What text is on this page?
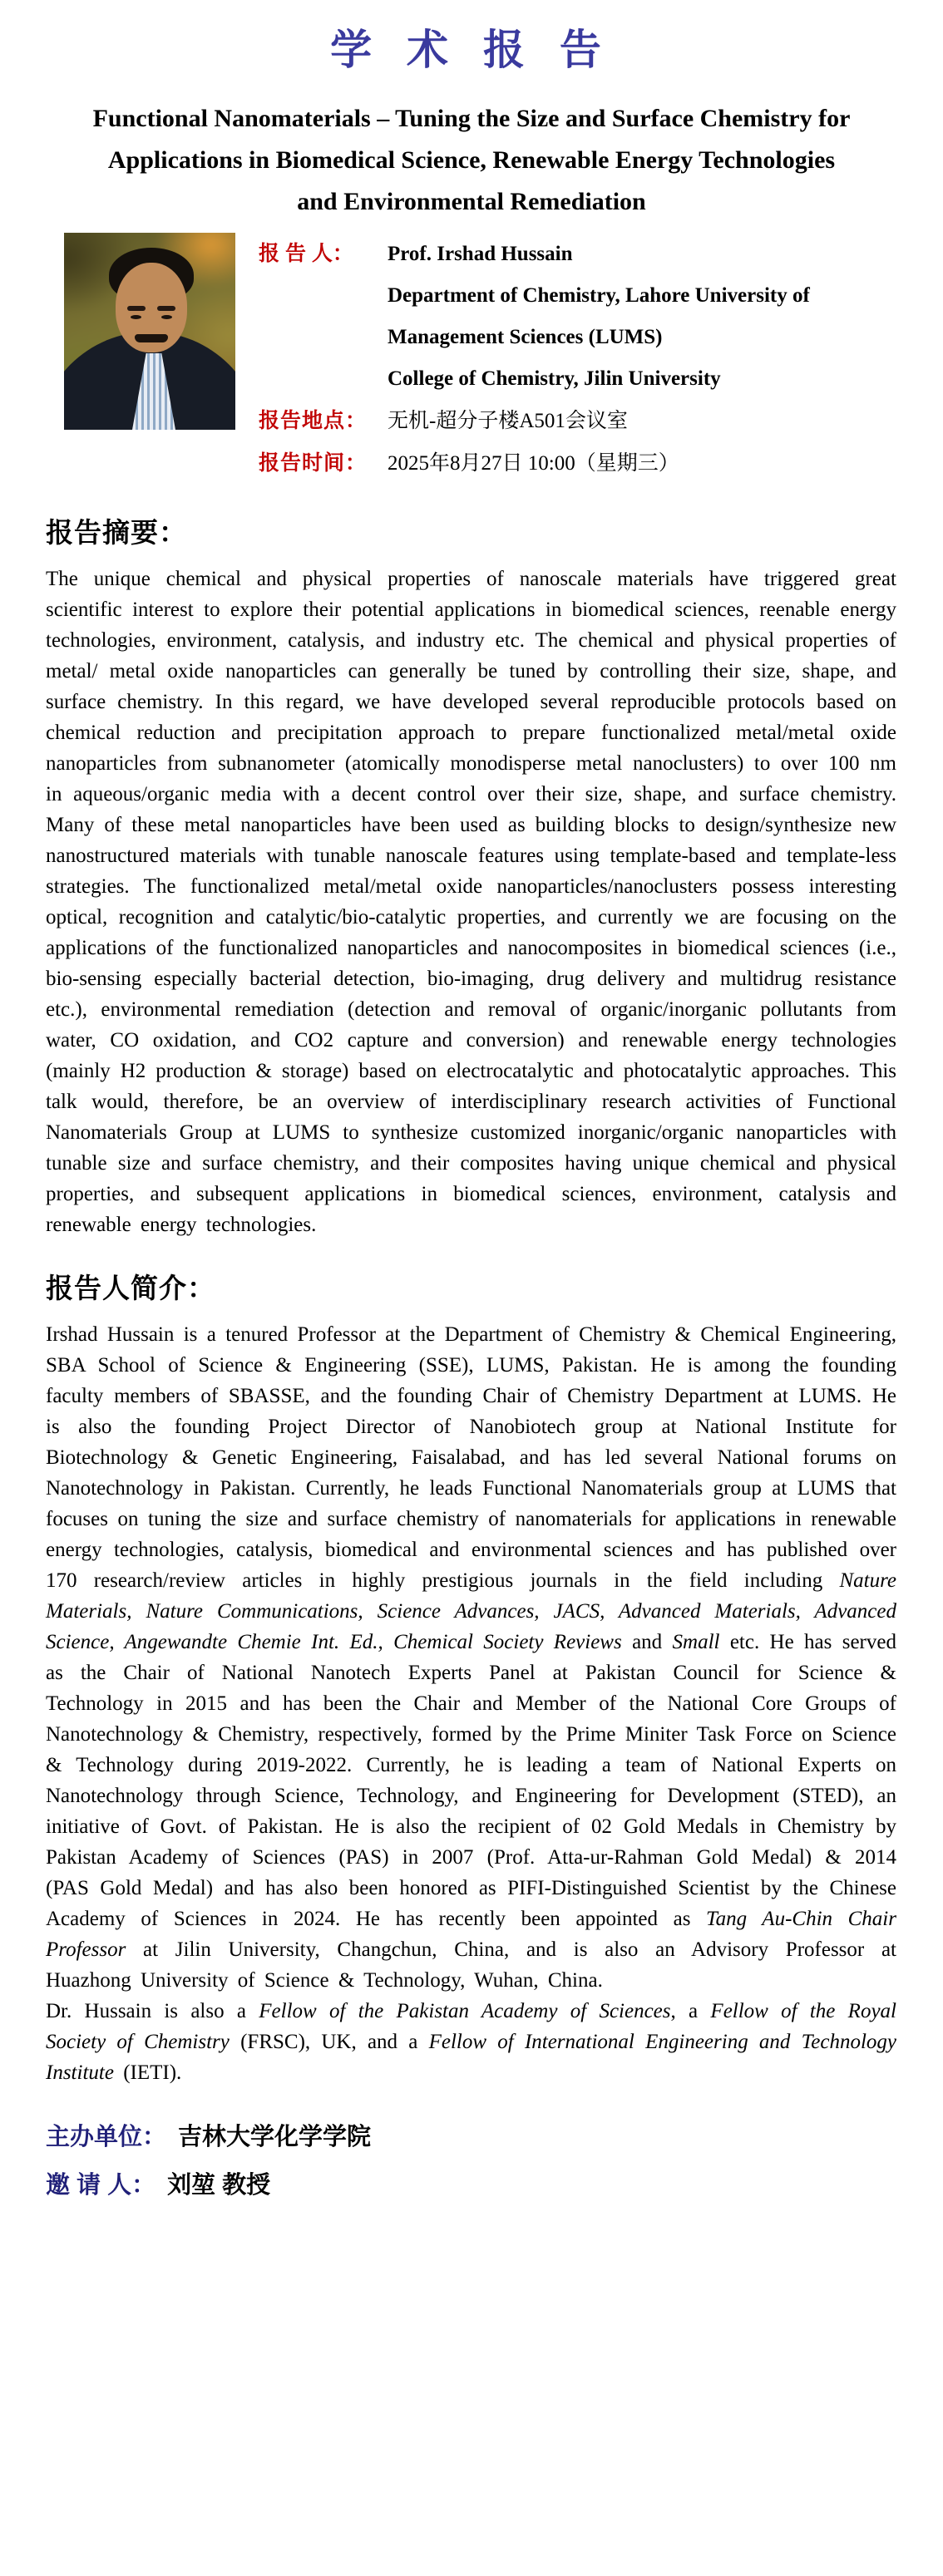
学 术 报 告
Functional Nanomaterials – Tuning the Size and Surface Chemistry for
Applications in Biomedical Science, Renewable Energy Technologies
and Environmental Remediation
报 告 人：	Prof. Irshad Hussain
Department of Chemistry, Lahore University of
Management Sciences (LUMS)
College of Chemistry, Jilin University
报告地点： 无机-超分子楼A501会议室
报告时间： 2025年8月27日 10:00（星期三）
报告摘要：

The unique chemical and physical properties of nanoscale materials have triggered great scientific interest to explore their potential applications in biomedical sciences, reenable energy technologies, environment, catalysis, and industry etc. The chemical and physical properties of metal/ metal oxide nanoparticles can generally be tuned by controlling their size, shape, and surface chemistry. In this regard, we have developed several reproducible protocols based on chemical reduction and precipitation approach to prepare functionalized metal/metal oxide nanoparticles from subnanometer (atomically monodisperse metal nanoclusters) to over 100 nm in aqueous/organic media with a decent control over their size, shape, and surface chemistry. Many of these metal nanoparticles have been used as building blocks to design/synthesize new nanostructured materials with tunable nanoscale features using template-based and template-less strategies. The functionalized metal/metal oxide nanoparticles/nanoclusters possess interesting optical, recognition and catalytic/bio-catalytic properties, and currently we are focusing on the applications of the functionalized nanoparticles and nanocomposites in biomedical sciences (i.e., bio-sensing especially bacterial detection, bio-imaging, drug delivery and multidrug resistance etc.), environmental remediation (detection and removal of organic/inorganic pollutants from water, CO oxidation, and CO2 capture and conversion) and renewable energy technologies (mainly H2 production & storage) based on electrocatalytic and photocatalytic approaches. This talk would, therefore, be an overview of interdisciplinary research activities of Functional Nanomaterials Group at LUMS to synthesize customized inorganic/organic nanoparticles with tunable size and surface chemistry, and their composites having unique chemical and physical properties, and subsequent applications in biomedical sciences, environment, catalysis and renewable energy technologies.

报告人简介：

Irshad Hussain is a tenured Professor at the Department of Chemistry & Chemical Engineering, SBA School of Science & Engineering (SSE), LUMS, Pakistan. He is among the founding faculty members of SBASSE, and the founding Chair of Chemistry Department at LUMS. He is also the founding Project Director of Nanobiotech group at National Institute for Biotechnology & Genetic Engineering, Faisalabad, and has led several National forums on Nanotechnology in Pakistan. Currently, he leads Functional Nanomaterials group at LUMS that focuses on tuning the size and surface chemistry of nanomaterials for applications in renewable energy technologies, catalysis, biomedical and environmental sciences and has published over 170 research/review articles in highly prestigious journals in the field including Nature Materials, Nature Communications, Science Advances, JACS, Advanced Materials, Advanced Science, Angewandte Chemie Int. Ed., Chemical Society Reviews and Small etc. He has served as the Chair of National Nanotech Experts Panel at Pakistan Council for Science & Technology in 2015 and has been the Chair and Member of the National Core Groups of Nanotechnology & Chemistry, respectively, formed by the Prime Miniter Task Force on Science & Technology during 2019-2022. Currently, he is leading a team of National Experts on Nanotechnology through Science, Technology, and Engineering for Development (STED), an initiative of Govt. of Pakistan. He is also the recipient of 02 Gold Medals in Chemistry by Pakistan Academy of Sciences (PAS) in 2007 (Prof. Atta-ur-Rahman Gold Medal) & 2014 (PAS Gold Medal) and has also been honored as PIFI-Distinguished Scientist by the Chinese Academy of Sciences in 2024. He has recently been appointed as Tang Au-Chin Chair Professor at Jilin University, Changchun, China, and is also an Advisory Professor at Huazhong University of Science & Technology, Wuhan, China.

Dr. Hussain is also a Fellow of the Pakistan Academy of Sciences, a Fellow of the Royal Society of Chemistry (FRSC), UK, and a Fellow of International Engineering and Technology Institute (IETI).

主办单位： 吉林大学化学学院
邀 请 人： 刘堃 教授
